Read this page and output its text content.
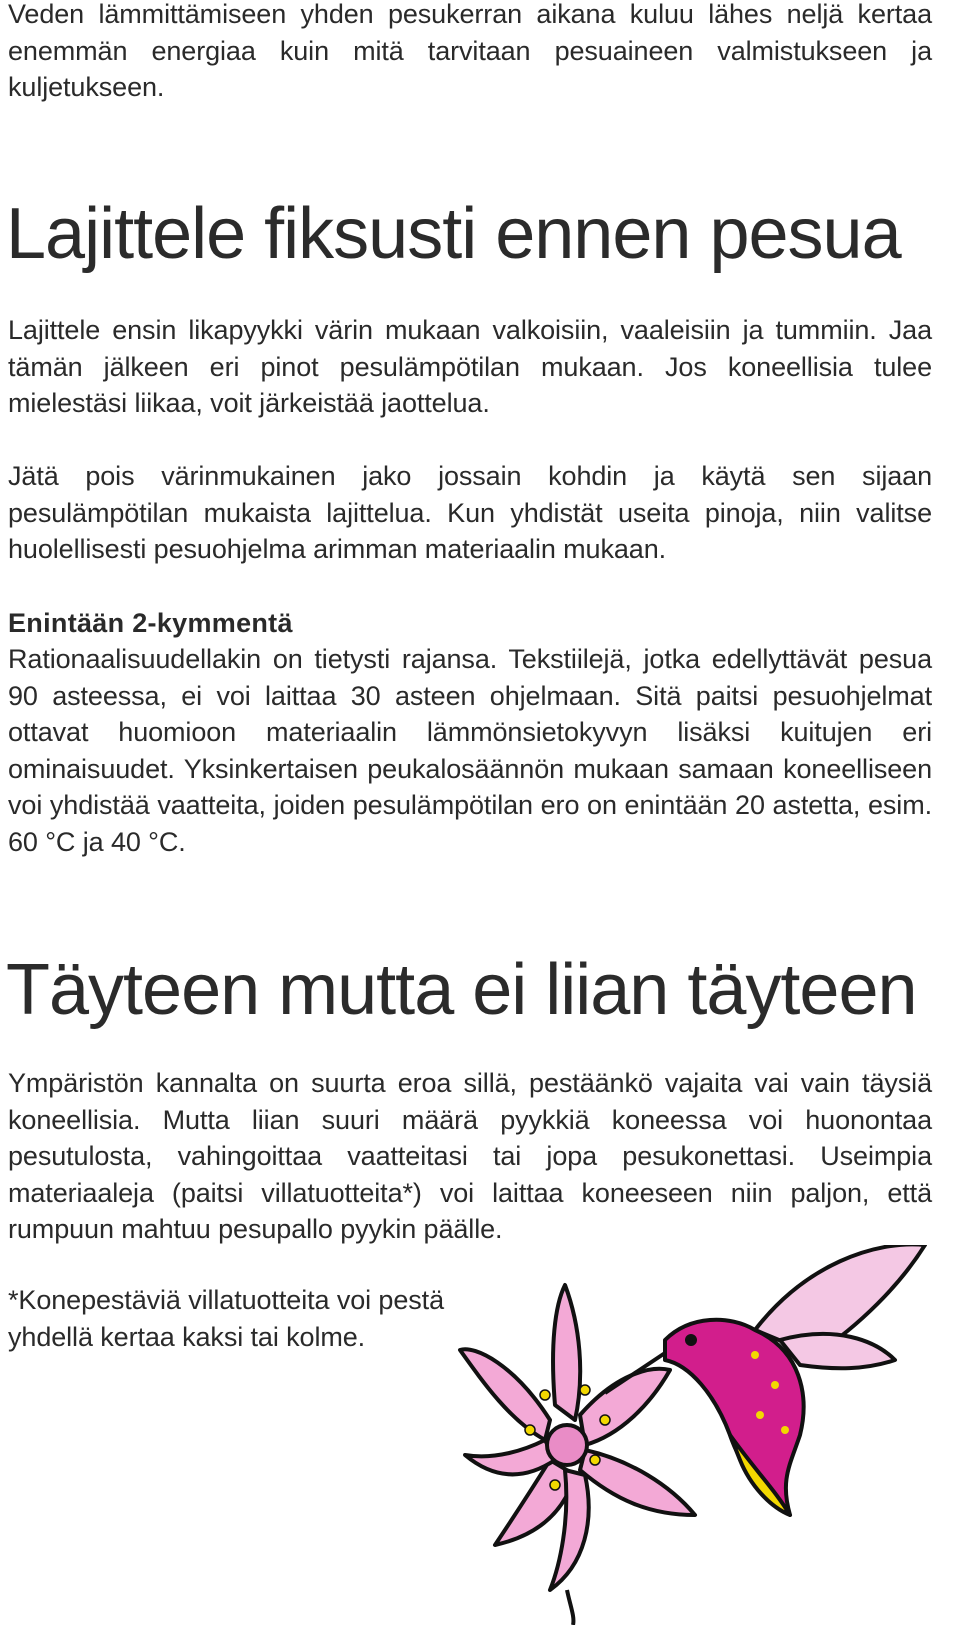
Veden lämmittämiseen yhden pesukerran aikana kuluu lähes neljä kertaa enemmän energiaa kuin mitä tarvitaan pesuaineen valmistukseen ja kuljetukseen.

Lajittele fiksusti ennen pesua

Lajittele ensin likapyykki värin mukaan valkoisiin, vaaleisiin ja tummiin. Jaa tämän jälkeen eri pinot pesulämpötilan mukaan. Jos koneellisia tulee mielestäsi liikaa, voit järkeistää jaottelua.

Jätä pois värinmukainen jako jossain kohdin ja käytä sen sijaan pesulämpötilan mukaista lajittelua. Kun yhdistät useita pinoja, niin valitse huolellisesti pesuohjelma arimman materiaalin mukaan.

Enintään 2-kymmentä

Rationaalisuudellakin on tietysti rajansa. Tekstiilejä, jotka edellyttävät pesua 90 asteessa, ei voi laittaa 30 asteen ohjelmaan. Sitä paitsi pesuohjelmat ottavat huomioon materiaalin lämmönsietokyvyn lisäksi kuitujen eri ominaisuudet. Yksinkertaisen peukalosäännön mukaan samaan koneelliseen voi yhdistää vaatteita, joiden pesulämpötilan ero on enintään 20 astetta, esim. 60 °C ja 40 °C.

Täyteen mutta ei liian täyteen

Ympäristön kannalta on suurta eroa sillä, pestäänkö vajaita vai vain täysiä koneellisia. Mutta liian suuri määrä pyykkiä koneessa voi huonontaa pesutulosta, vahingoittaa vaatteitasi tai jopa pesukonettasi. Useimpia materiaaleja (paitsi villatuotteita*) voi laittaa koneeseen niin paljon, että rumpuun mahtuu pesupallo pyykin päälle.

*Konepestäviä villatuotteita voi pestä yhdellä kertaa kaksi tai kolme.
